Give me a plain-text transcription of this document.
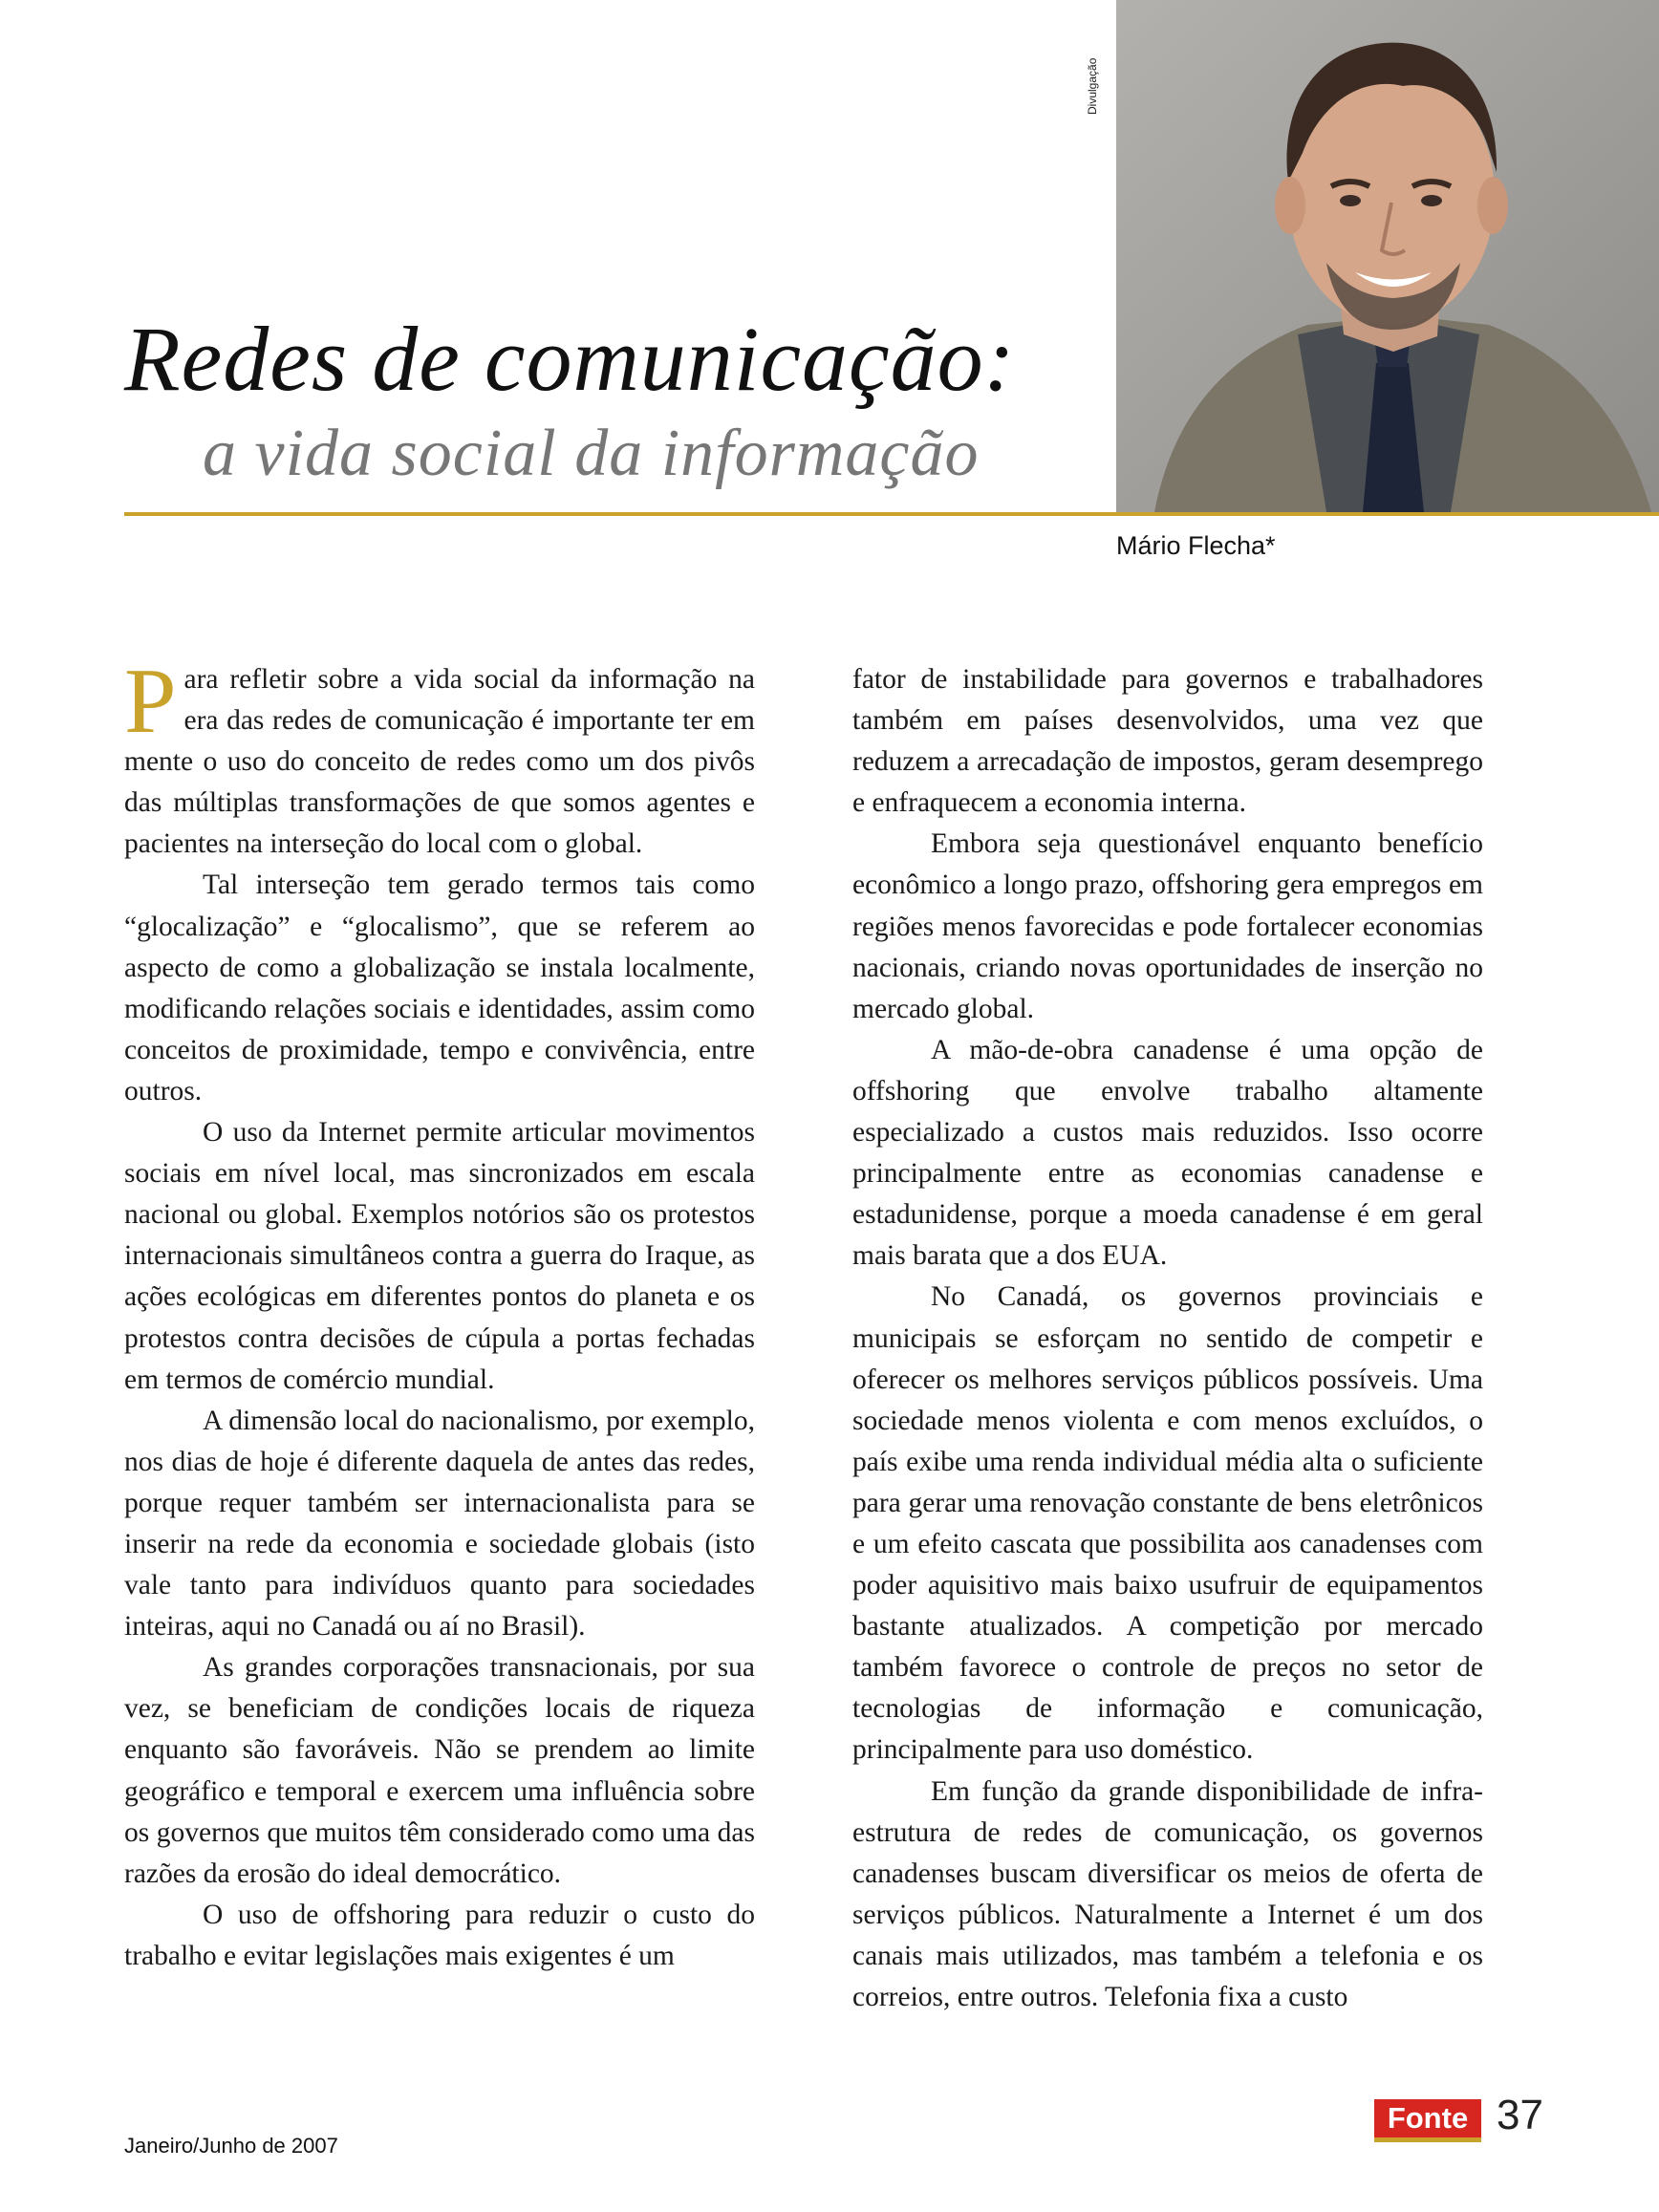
Redes de comunicação:
a vida social da informação
Divulgação
Mário Flecha*

Para refletir sobre a vida social da informação na era das redes de comunicação é importante ter em mente o uso do conceito de redes como um dos pivôs das múltiplas transformações de que somos agentes e pacientes na interseção do local com o global.

Tal interseção tem gerado termos tais como “glocalização” e “glocalismo”, que se referem ao aspecto de como a globalização se instala localmente, modificando relações sociais e identidades, assim como conceitos de proximidade, tempo e convivência, entre outros.

O uso da Internet permite articular movimentos sociais em nível local, mas sincronizados em escala nacional ou global. Exemplos notórios são os protestos internacionais simultâneos contra a guerra do Iraque, as ações ecológicas em diferentes pontos do planeta e os protestos contra decisões de cúpula a portas fechadas em termos de comércio mundial.

A dimensão local do nacionalismo, por exemplo, nos dias de hoje é diferente daquela de antes das redes, porque requer também ser internacionalista para se inserir na rede da economia e sociedade globais (isto vale tanto para indivíduos quanto para sociedades inteiras, aqui no Canadá ou aí no Brasil).

As grandes corporações transnacionais, por sua vez, se beneficiam de condições locais de riqueza enquanto são favoráveis. Não se prendem ao limite geográfico e temporal e exercem uma influência sobre os governos que muitos têm considerado como uma das razões da erosão do ideal democrático.

O uso de offshoring para reduzir o custo do trabalho e evitar legislações mais exigentes é um

fator de instabilidade para governos e trabalhadores também em países desenvolvidos, uma vez que reduzem a arrecadação de impostos, geram desemprego e enfraquecem a economia interna.

Embora seja questionável enquanto benefício econômico a longo prazo, offshoring gera empregos em regiões menos favorecidas e pode fortalecer economias nacionais, criando novas oportunidades de inserção no mercado global.

A mão-de-obra canadense é uma opção de offshoring que envolve trabalho altamente especializado a custos mais reduzidos. Isso ocorre principalmente entre as economias canadense e estadunidense, porque a moeda canadense é em geral mais barata que a dos EUA.

No Canadá, os governos provinciais e municipais se esforçam no sentido de competir e oferecer os melhores serviços públicos possíveis. Uma sociedade menos violenta e com menos excluídos, o país exibe uma renda individual média alta o suficiente para gerar uma renovação constante de bens eletrônicos e um efeito cascata que possibilita aos canadenses com poder aquisitivo mais baixo usufruir de equipamentos bastante atualizados. A competição por mercado também favorece o controle de preços no setor de tecnologias de informação e comunicação, principalmente para uso doméstico.

Em função da grande disponibilidade de infra-estrutura de redes de comunicação, os governos canadenses buscam diversificar os meios de oferta de serviços públicos. Naturalmente a Internet é um dos canais mais utilizados, mas também a telefonia e os correios, entre outros. Telefonia fixa a custo

Janeiro/Junho de 2007
Fonte 37
